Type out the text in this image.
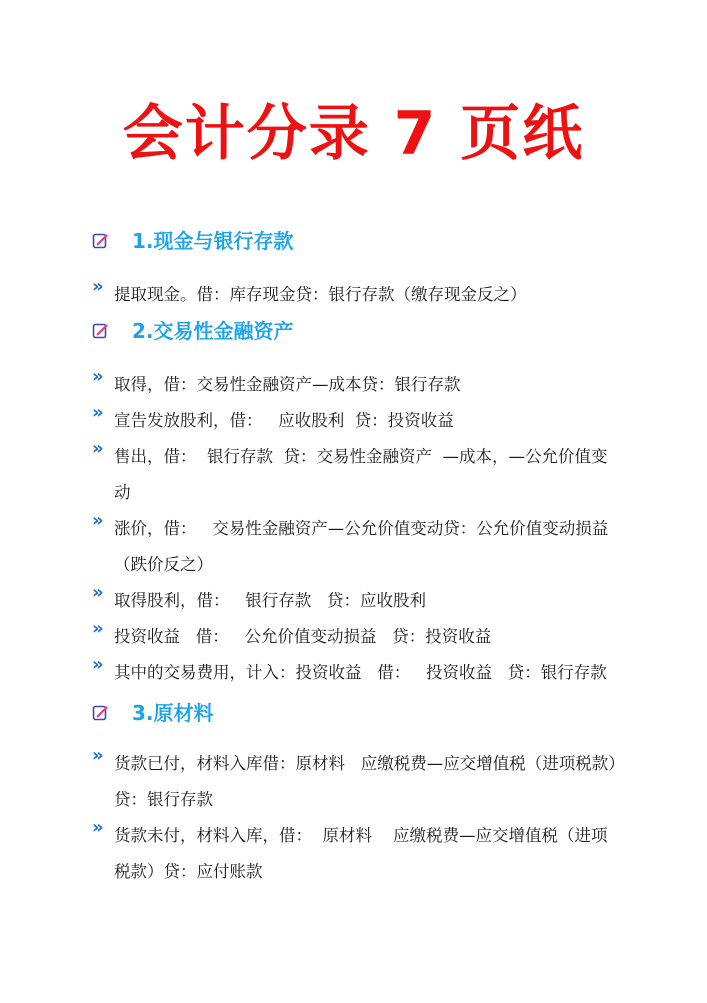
会计分录 7 页纸
1.现金与银行存款
» 提取现金。借：库存现金贷：银行存款（缴存现金反之）
2.交易性金融资产
» 取得，借：交易性金融资产—成本贷：银行存款
» 宣告发放股利，借：   应收股利  贷：投资收益
» 售出，借：  银行存款  贷：交易性金融资产  —成本，—公允价值变动
» 涨价，借：   交易性金融资产—公允价值变动贷：公允价值变动损益（跌价反之）
» 取得股利，借：   银行存款   贷：应收股利
» 投资收益   借：   公允价值变动损益   贷：投资收益
» 其中的交易费用，计入：投资收益   借：   投资收益   贷：银行存款
3.原材料
» 货款已付，材料入库借：原材料   应缴税费—应交增值税（进项税款）贷：银行存款
» 货款未付，材料入库，借：  原材料    应缴税费—应交增值税（进项税款）贷：应付账款
